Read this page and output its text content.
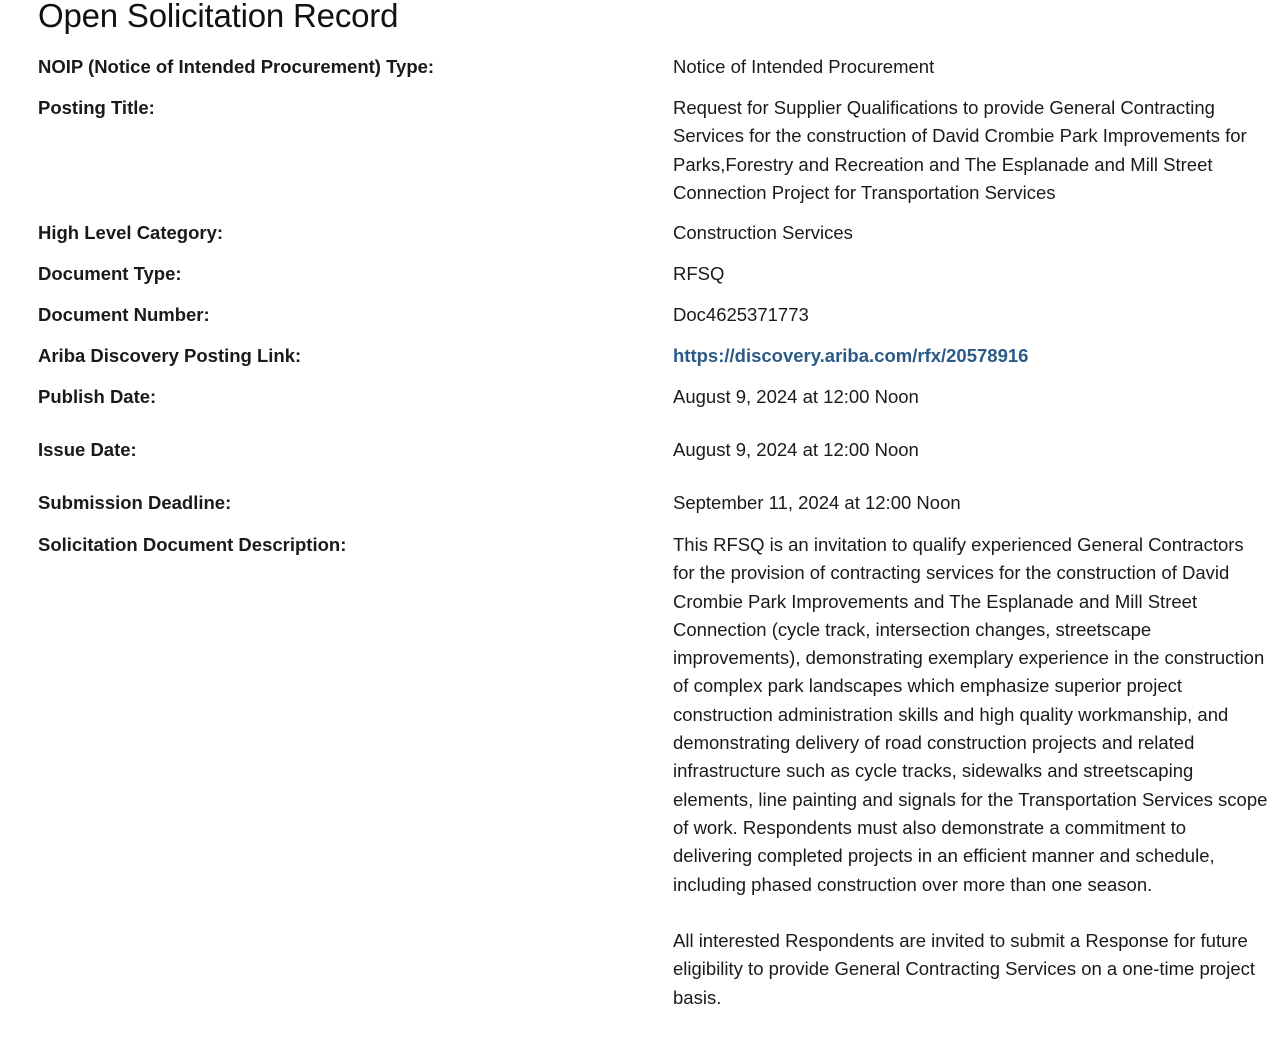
Open Solicitation Record
NOIP (Notice of Intended Procurement) Type:	Notice of Intended Procurement
Posting Title:	Request for Supplier Qualifications to provide General Contracting Services for the construction of David Crombie Park Improvements for Parks,Forestry and Recreation and The Esplanade and Mill Street Connection Project for Transportation Services
High Level Category:	Construction Services
Document Type:	RFSQ
Document Number:	Doc4625371773
Ariba Discovery Posting Link:	https://discovery.ariba.com/rfx/20578916
Publish Date:	August 9, 2024 at 12:00 Noon
Issue Date:	August 9, 2024 at 12:00 Noon
Submission Deadline:	September 11, 2024 at 12:00 Noon
Solicitation Document Description:	This RFSQ is an invitation to qualify experienced General Contractors for the provision of contracting services for the construction of David Crombie Park Improvements and The Esplanade and Mill Street Connection (cycle track, intersection changes, streetscape improvements), demonstrating exemplary experience in the construction of complex park landscapes which emphasize superior project construction administration skills and high quality workmanship, and demonstrating delivery of road construction projects and related infrastructure such as cycle tracks, sidewalks and streetscaping elements, line painting and signals for the Transportation Services scope of work. Respondents must also demonstrate a commitment to delivering completed projects in an efficient manner and schedule, including phased construction over more than one season.

All interested Respondents are invited to submit a Response for future eligibility to provide General Contracting Services on a one-time project basis.
